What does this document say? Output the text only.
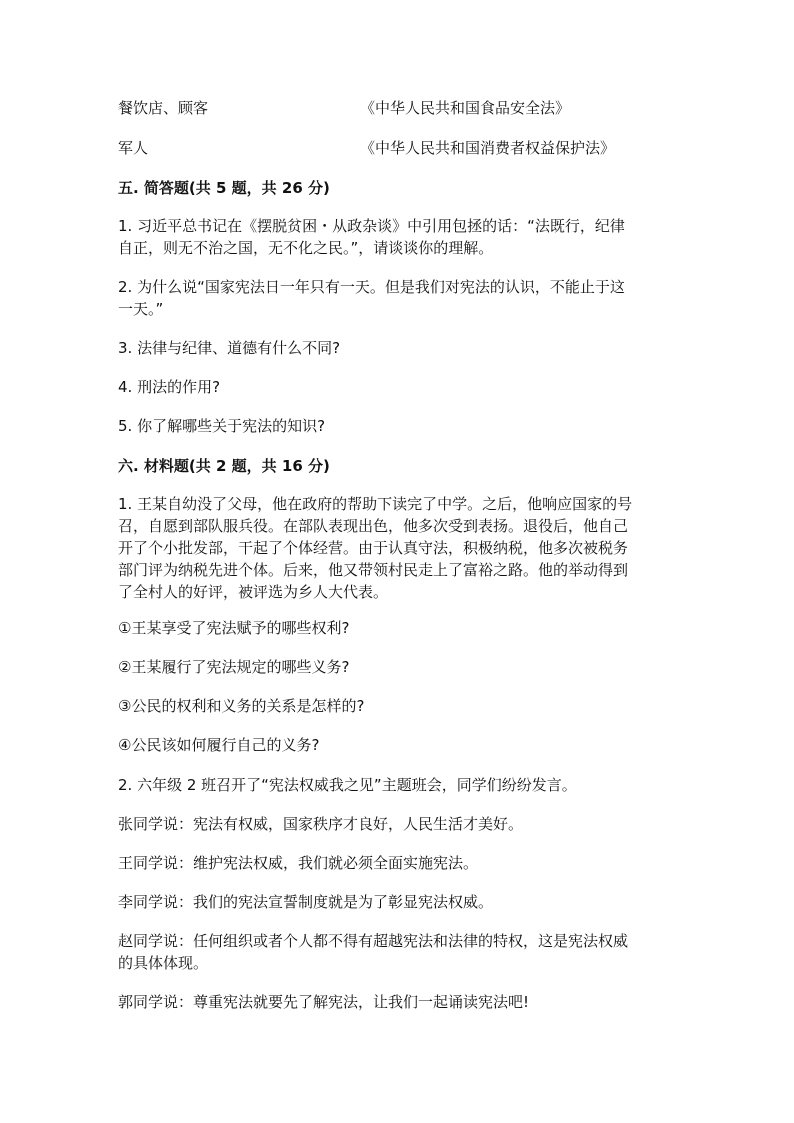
餐饮店、顾客	《中华人民共和国食品安全法》
军人	《中华人民共和国消费者权益保护法》
五. 简答题(共 5 题，共 26 分)
1. 习近平总书记在《摆脱贫困・从政杂谈》中引用包拯的话：“法既行，纪律
自正，则无不治之国，无不化之民。”，请谈谈你的理解。
2. 为什么说“国家宪法日一年只有一天。但是我们对宪法的认识，不能止于这
一天。”
3. 法律与纪律、道德有什么不同?
4. 刑法的作用?
5. 你了解哪些关于宪法的知识?
六. 材料题(共 2 题，共 16 分)
1. 王某自幼没了父母，他在政府的帮助下读完了中学。之后，他响应国家的号
召，自愿到部队服兵役。在部队表现出色，他多次受到表扬。退役后，他自己
开了个小批发部，干起了个体经营。由于认真守法，积极纳税，他多次被税务
部门评为纳税先进个体。后来，他又带领村民走上了富裕之路。他的举动得到
了全村人的好评，被评选为乡人大代表。
①王某享受了宪法赋予的哪些权利?
②王某履行了宪法规定的哪些义务?
③公民的权利和义务的关系是怎样的?
④公民该如何履行自己的义务?
2. 六年级 2 班召开了“宪法权威我之见”主题班会，同学们纷纷发言。
张同学说：宪法有权威，国家秩序才良好，人民生活才美好。
王同学说：维护宪法权威，我们就必须全面实施宪法。
李同学说：我们的宪法宣誓制度就是为了彰显宪法权威。
赵同学说：任何组织或者个人都不得有超越宪法和法律的特权，这是宪法权威
的具体体现。
郭同学说：尊重宪法就要先了解宪法，让我们一起诵读宪法吧!
